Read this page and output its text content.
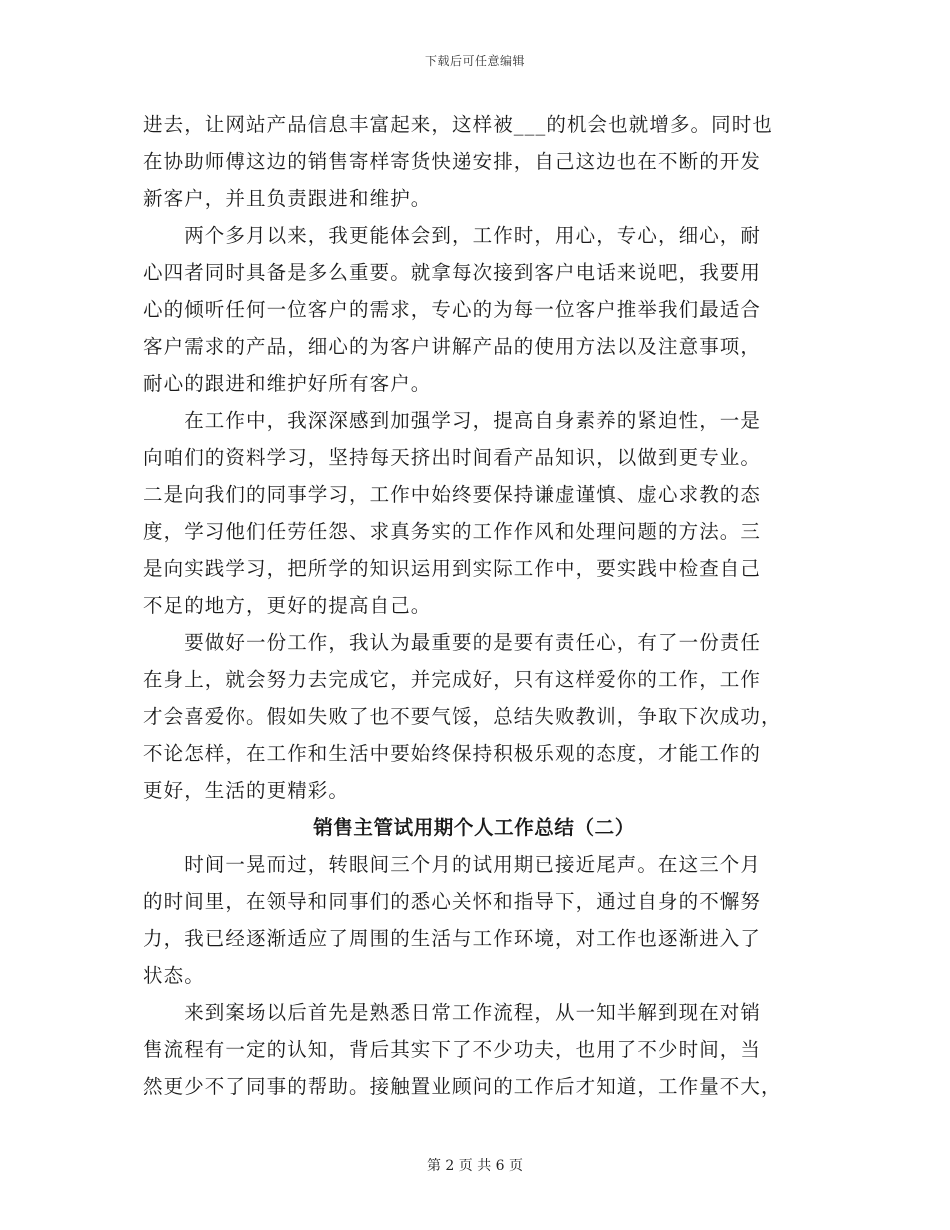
下载后可任意编辑
进去，让网站产品信息丰富起来，这样被___的机会也就增多。同时也
在协助师傅这边的销售寄样寄货快递安排，自己这边也在不断的开发
新客户，并且负责跟进和维护。
　　两个多月以来，我更能体会到，工作时，用心，专心，细心，耐
心四者同时具备是多么重要。就拿每次接到客户电话来说吧，我要用
心的倾听任何一位客户的需求，专心的为每一位客户推举我们最适合
客户需求的产品，细心的为客户讲解产品的使用方法以及注意事项，
耐心的跟进和维护好所有客户。
　　在工作中，我深深感到加强学习，提高自身素养的紧迫性，一是
向咱们的资料学习，坚持每天挤出时间看产品知识，以做到更专业。
二是向我们的同事学习，工作中始终要保持谦虚谨慎、虚心求教的态
度，学习他们任劳任怨、求真务实的工作作风和处理问题的方法。三
是向实践学习，把所学的知识运用到实际工作中，要实践中检查自己
不足的地方，更好的提高自己。
　　要做好一份工作，我认为最重要的是要有责任心，有了一份责任
在身上，就会努力去完成它，并完成好，只有这样爱你的工作，工作
才会喜爱你。假如失败了也不要气馁，总结失败教训，争取下次成功，
不论怎样，在工作和生活中要始终保持积极乐观的态度，才能工作的
更好，生活的更精彩。
销售主管试用期个人工作总结（二）
　　时间一晃而过，转眼间三个月的试用期已接近尾声。在这三个月
的时间里，在领导和同事们的悉心关怀和指导下，通过自身的不懈努
力，我已经逐渐适应了周围的生活与工作环境，对工作也逐渐进入了
状态。
　　来到案场以后首先是熟悉日常工作流程，从一知半解到现在对销
售流程有一定的认知，背后其实下了不少功夫，也用了不少时间，当
然更少不了同事的帮助。接触置业顾问的工作后才知道，工作量不大，
第 2 页 共 6 页
